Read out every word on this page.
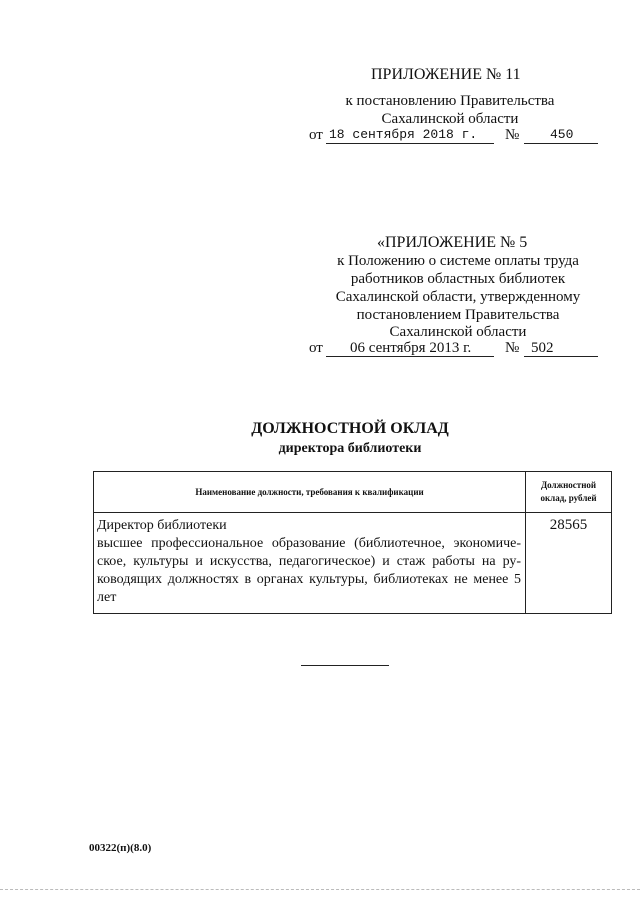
ПРИЛОЖЕНИЕ № 11
к постановлению Правительства
Сахалинской области
от 18 сентября 2018 г. № 450
«ПРИЛОЖЕНИЕ № 5
к Положению о системе оплаты труда
работников областных библиотек
Сахалинской области, утвержденному
постановлением Правительства
Сахалинской области
от 06 сентября 2013 г. № 502
ДОЛЖНОСТНОЙ ОКЛАД
директора библиотеки
Наименование должности, требования к квалификации	Должностной
оклад, рублей

Директор библиотеки
высшее профессиональное образование (библиотечное, экономиче-ское, культуры и искусства, педагогическое) и стаж работы на ру-ководящих должностях в органах культуры, библиотеках не менее 5 лет	28565
00322(п)(8.0)
